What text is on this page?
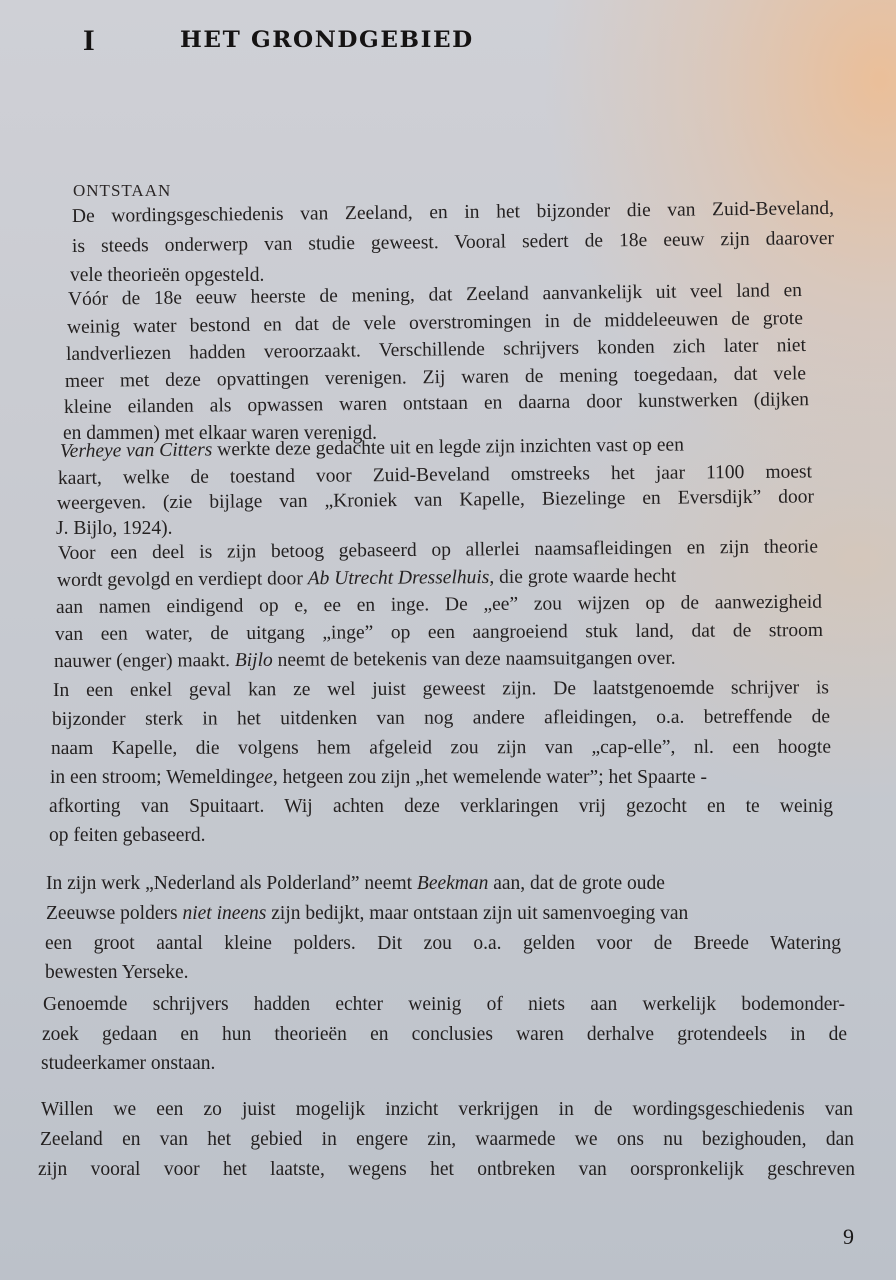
I	HET GRONDGEBIED
ONTSTAAN
De wordingsgeschiedenis van Zeeland, en in het bijzonder die van Zuid-Beveland,
is steeds onderwerp van studie geweest. Vooral sedert de 18e eeuw zijn daarover
vele theorieën opgesteld.
Vóór de 18e eeuw heerste de mening, dat Zeeland aanvankelijk uit veel land en
weinig water bestond en dat de vele overstromingen in de middeleeuwen de grote
landverliezen hadden veroorzaakt. Verschillende schrijvers konden zich later niet
meer met deze opvattingen verenigen. Zij waren de mening toegedaan, dat vele
kleine eilanden als opwassen waren ontstaan en daarna door kunstwerken (dijken
en dammen) met elkaar waren verenigd.
Verheye van Citters werkte deze gedachte uit en legde zijn inzichten vast op een
kaart, welke de toestand voor Zuid-Beveland omstreeks het jaar 1100 moest
weergeven. (zie bijlage van „Kroniek van Kapelle, Biezelinge en Eversdijk” door
J. Bijlo, 1924).
Voor een deel is zijn betoog gebaseerd op allerlei naamsafleidingen en zijn theorie
wordt gevolgd en verdiept door Ab Utrecht Dresselhuis, die grote waarde hecht
aan namen eindigend op e, ee en inge. De „ee” zou wijzen op de aanwezigheid
van een water, de uitgang „inge” op een aangroeiend stuk land, dat de stroom
nauwer (enger) maakt. Bijlo neemt de betekenis van deze naamsuitgangen over.
In een enkel geval kan ze wel juist geweest zijn. De laatstgenoemde schrijver is
bijzonder sterk in het uitdenken van nog andere afleidingen, o.a. betreffende de
naam Kapelle, die volgens hem afgeleid zou zijn van „cap-elle”, nl. een hoogte
in een stroom; Wemeldingee, hetgeen zou zijn „het wemelende water”; het Spaarte -
afkorting van Spuitaart. Wij achten deze verklaringen vrij gezocht en te weinig
op feiten gebaseerd.
In zijn werk „Nederland als Polderland” neemt Beekman aan, dat de grote oude
Zeeuwse polders niet ineens zijn bedijkt, maar ontstaan zijn uit samenvoeging van
een groot aantal kleine polders. Dit zou o.a. gelden voor de Breede Watering
bewesten Yerseke.
Genoemde schrijvers hadden echter weinig of niets aan werkelijk bodemonder-
zoek gedaan en hun theorieën en conclusies waren derhalve grotendeels in de
studeerkamer onstaan.
Willen we een zo juist mogelijk inzicht verkrijgen in de wordingsgeschiedenis van
Zeeland en van het gebied in engere zin, waarmede we ons nu bezighouden, dan
zijn vooral voor het laatste, wegens het ontbreken van oorspronkelijk geschreven
9
